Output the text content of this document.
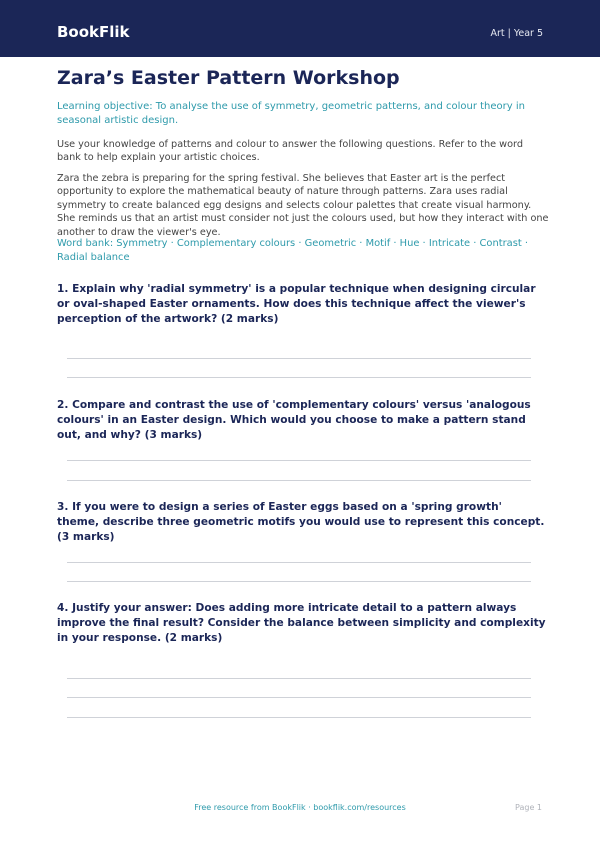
BookFlik	Art | Year 5
Zara’s Easter Pattern Workshop
Learning objective: To analyse the use of symmetry, geometric patterns, and colour theory in seasonal artistic design.
Use your knowledge of patterns and colour to answer the following questions. Refer to the word bank to help explain your artistic choices.
Zara the zebra is preparing for the spring festival. She believes that Easter art is the perfect opportunity to explore the mathematical beauty of nature through patterns. Zara uses radial symmetry to create balanced egg designs and selects colour palettes that create visual harmony. She reminds us that an artist must consider not just the colours used, but how they interact with one another to draw the viewer's eye.
Word bank: Symmetry · Complementary colours · Geometric · Motif · Hue · Intricate · Contrast · Radial balance
1. Explain why 'radial symmetry' is a popular technique when designing circular or oval-shaped Easter ornaments. How does this technique affect the viewer's perception of the artwork? (2 marks)
2. Compare and contrast the use of 'complementary colours' versus 'analogous colours' in an Easter design. Which would you choose to make a pattern stand out, and why? (3 marks)
3. If you were to design a series of Easter eggs based on a 'spring growth' theme, describe three geometric motifs you would use to represent this concept. (3 marks)
4. Justify your answer: Does adding more intricate detail to a pattern always improve the final result? Consider the balance between simplicity and complexity in your response. (2 marks)
Free resource from BookFlik · bookflik.com/resources	Page 1
